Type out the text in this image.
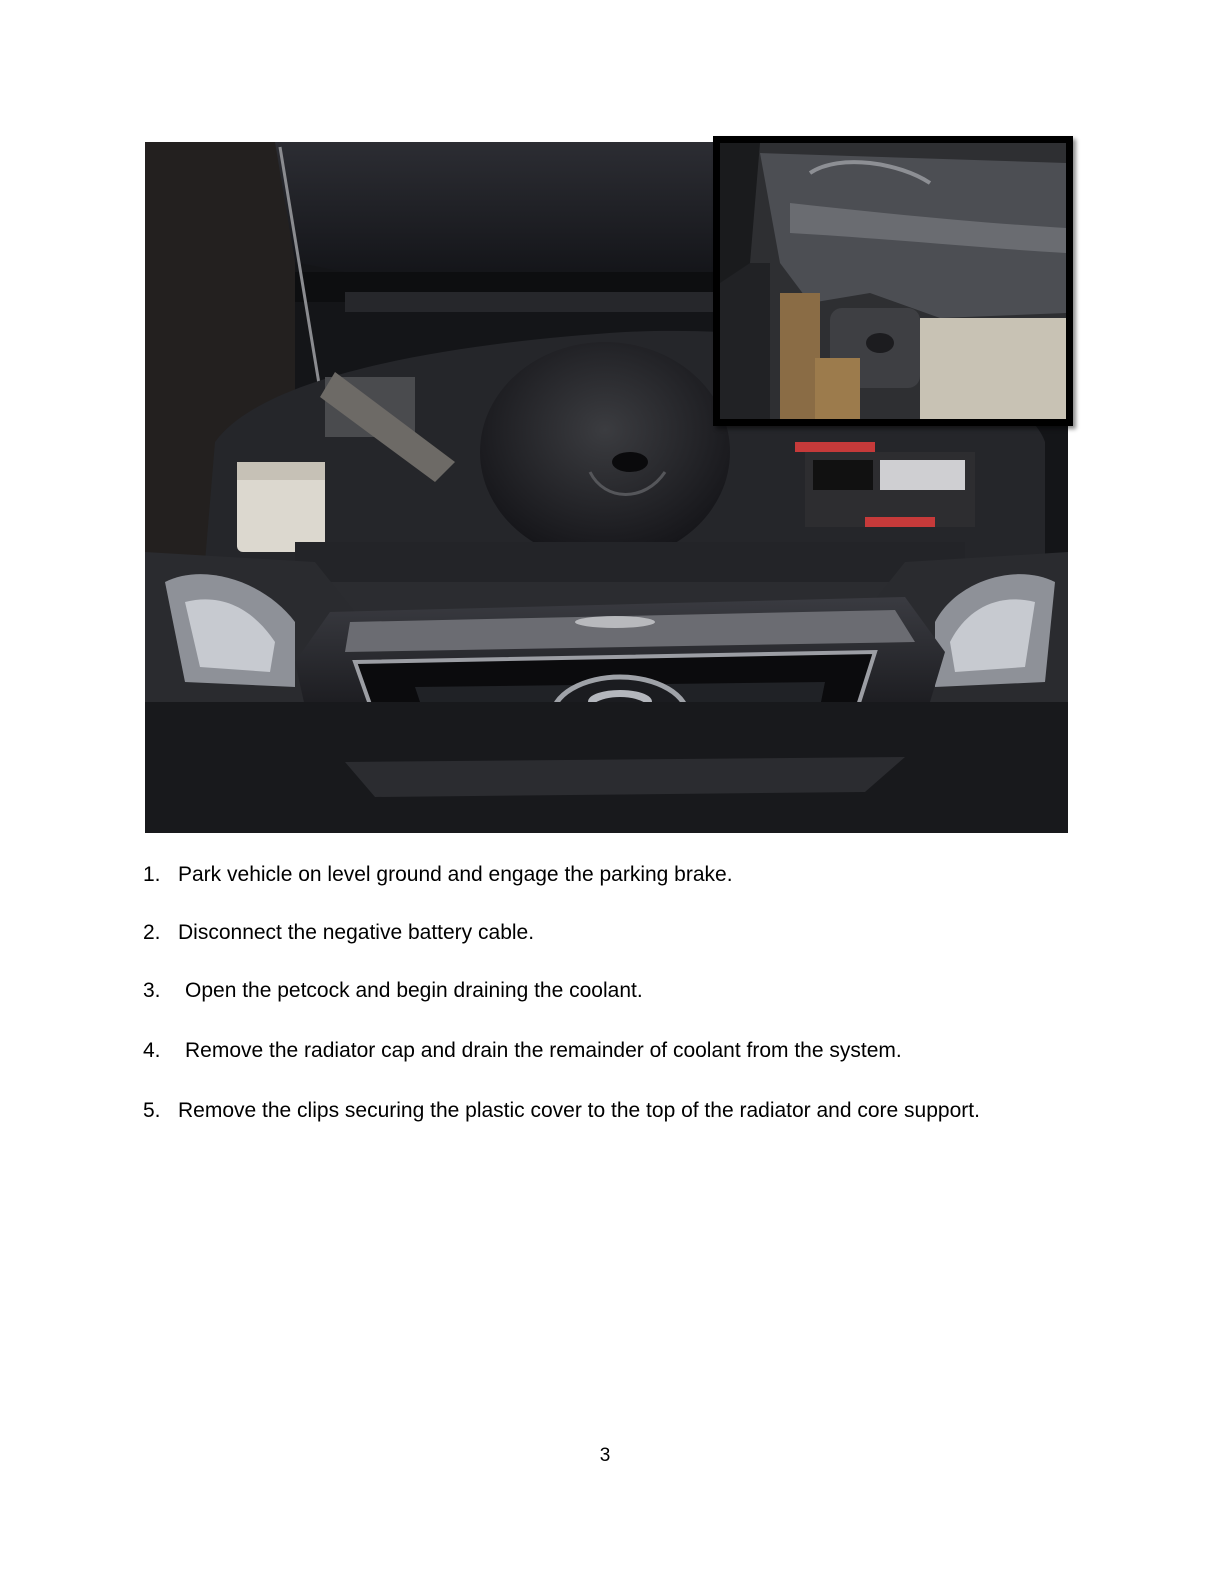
1. Park vehicle on level ground and engage the parking brake.
2. Disconnect the negative battery cable.
3. Open the petcock and begin draining the coolant.
4. Remove the radiator cap and drain the remainder of coolant from the system.
5. Remove the clips securing the plastic cover to the top of the radiator and core support.
3
